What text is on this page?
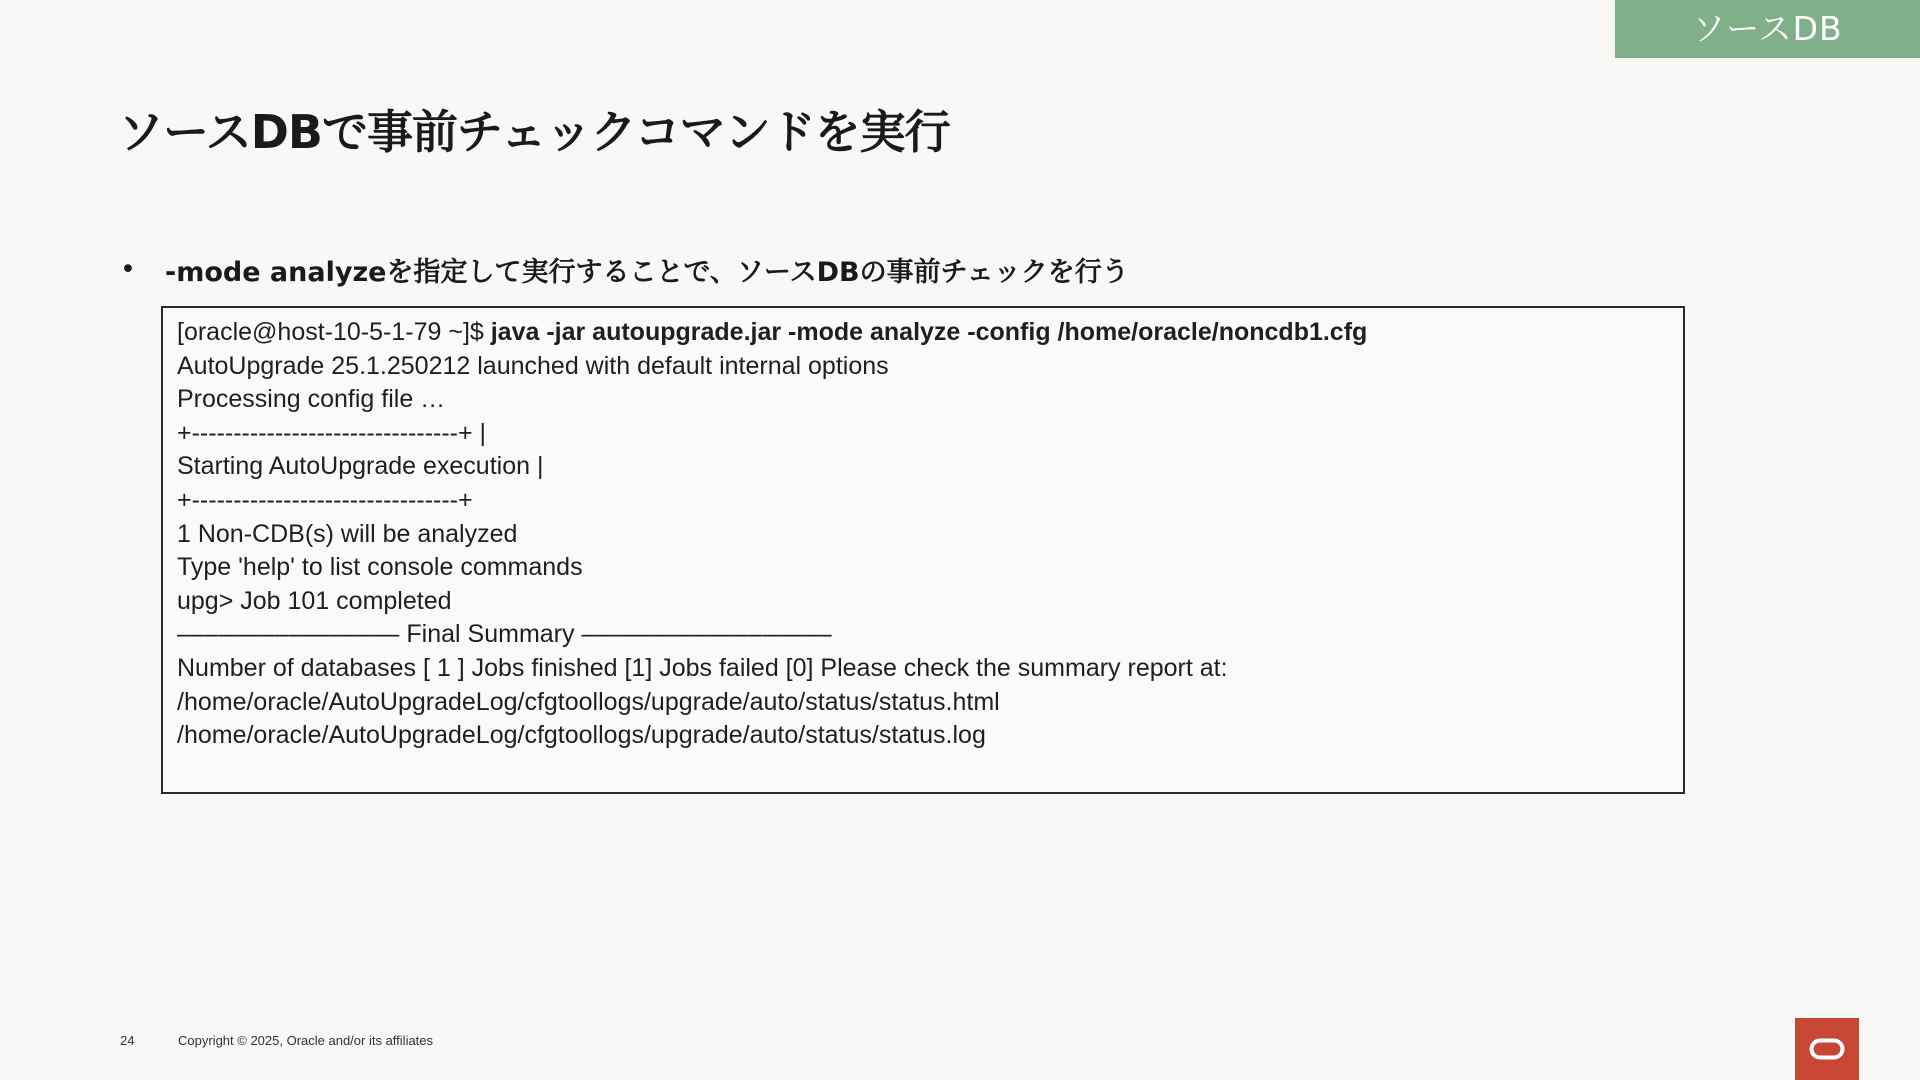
ソースDB
ソースDBで事前チェックコマンドを実行
•	-mode analyzeを指定して実行することで、ソースDBの事前チェックを行う
[oracle@host-10-5-1-79 ~]$ java -jar autoupgrade.jar -mode analyze -config /home/oracle/noncdb1.cfg
AutoUpgrade 25.1.250212 launched with default internal options
Processing config file …
+--------------------------------+ |
Starting AutoUpgrade execution |
+--------------------------------+
1 Non-CDB(s) will be analyzed
Type 'help' to list console commands
upg> Job 101 completed
–––––––––––––––– Final Summary ––––––––––––––––––
Number of databases [ 1 ] Jobs finished [1] Jobs failed [0] Please check the summary report at:
/home/oracle/AutoUpgradeLog/cfgtoollogs/upgrade/auto/status/status.html
/home/oracle/AutoUpgradeLog/cfgtoollogs/upgrade/auto/status/status.log
24	Copyright © 2025, Oracle and/or its affiliates
